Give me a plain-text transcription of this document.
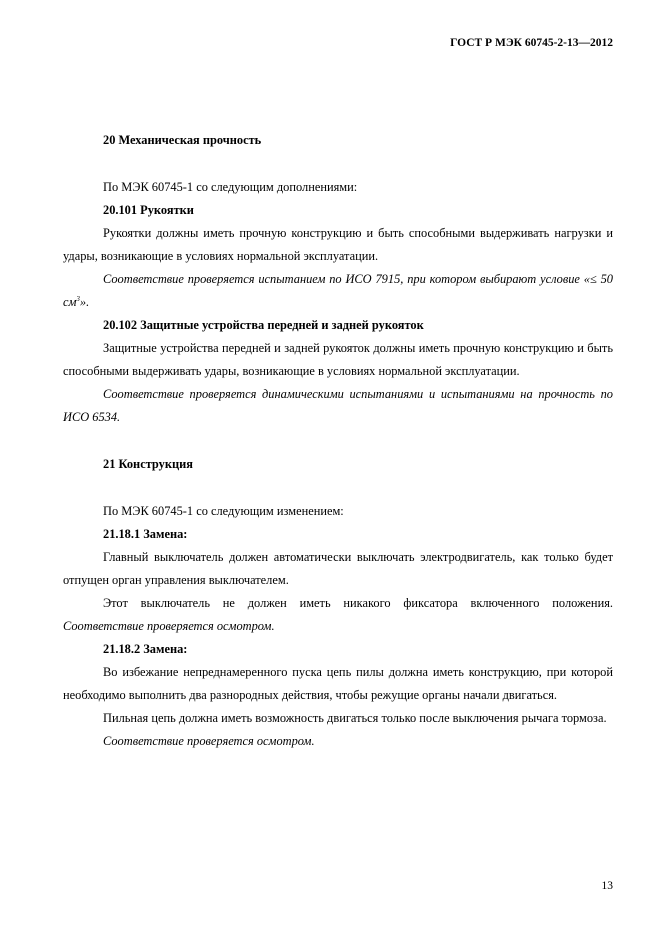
ГОСТ Р МЭК 60745-2-13—2012
20 Механическая прочность

По МЭК 60745-1 со следующим дополнениями:

20.101 Рукоятки

Рукоятки должны иметь прочную конструкцию и быть способными выдерживать нагрузки и удары, возникающие в условиях нормальной эксплуатации.

Соответствие проверяется испытанием по ИСО 7915, при котором выбирают условие «≤ 50 $см^3$».

20.102 Защитные устройства передней и задней рукояток

Защитные устройства передней и задней рукояток должны иметь прочную конструкцию и быть способными выдерживать удары, возникающие в условиях нормальной эксплуатации.

Соответствие проверяется динамическими испытаниями и испытаниями на прочность по ИСО 6534.

21 Конструкция

По МЭК 60745-1 со следующим изменением:

21.18.1 Замена:

Главный выключатель должен автоматически выключать электродвигатель, как только будет отпущен орган управления выключателем.

Этот выключатель не должен иметь никакого фиксатора включенного положения. Соответствие проверяется осмотром.

21.18.2 Замена:

Во избежание непреднамеренного пуска цепь пилы должна иметь конструкцию, при которой необходимо выполнить два разнородных действия, чтобы режущие органы начали двигаться.

Пильная цепь должна иметь возможность двигаться только после выключения рычага тормоза.

Соответствие проверяется осмотром.

13
